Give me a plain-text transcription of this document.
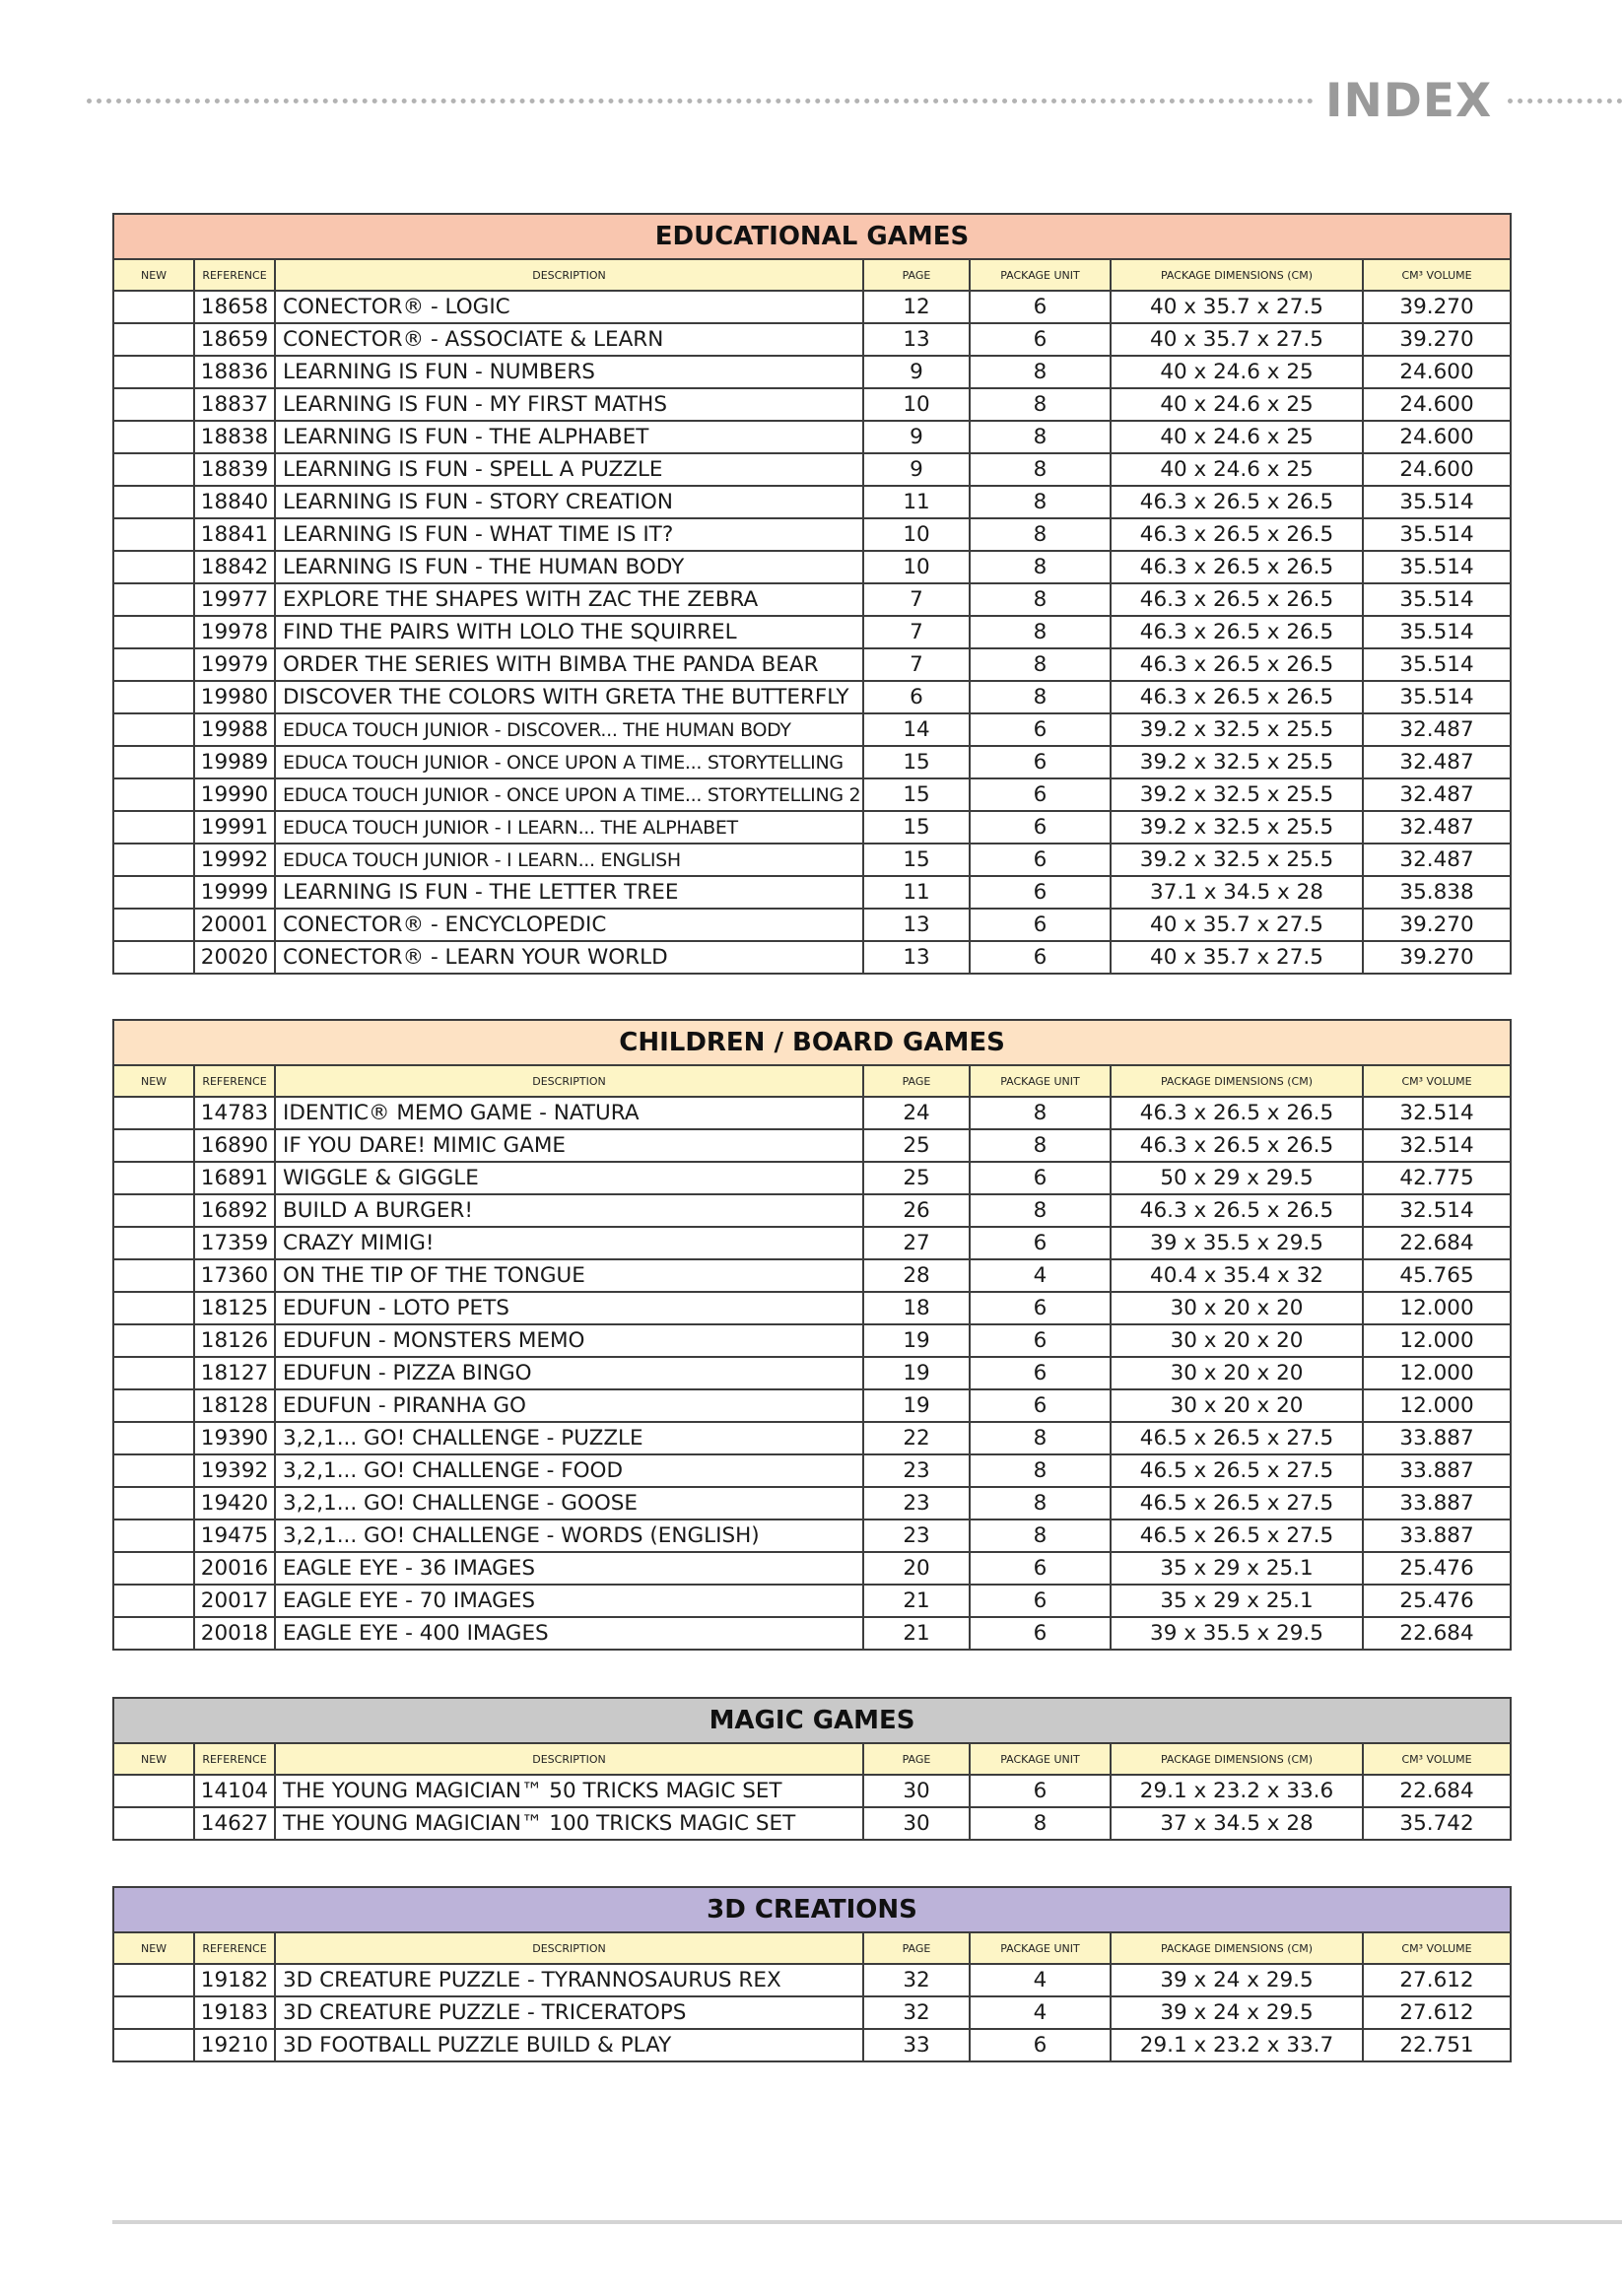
INDEX
EDUCATIONAL GAMES						
NEW	REFERENCE	DESCRIPTION	PAGE	PACKAGE UNIT	PACKAGE DIMENSIONS (CM)	CM³ VOLUME
	18658	CONECTOR® - LOGIC	12	6	40 x 35.7 x 27.5	39.270
	18659	CONECTOR® - ASSOCIATE & LEARN	13	6	40 x 35.7 x 27.5	39.270
	18836	LEARNING IS FUN - NUMBERS	9	8	40 x 24.6 x 25	24.600
	18837	LEARNING IS FUN - MY FIRST MATHS	10	8	40 x 24.6 x 25	24.600
	18838	LEARNING IS FUN - THE ALPHABET	9	8	40 x 24.6 x 25	24.600
	18839	LEARNING IS FUN - SPELL A PUZZLE	9	8	40 x 24.6 x 25	24.600
	18840	LEARNING IS FUN - STORY CREATION	11	8	46.3 x 26.5 x 26.5	35.514
	18841	LEARNING IS FUN - WHAT TIME IS IT?	10	8	46.3 x 26.5 x 26.5	35.514
	18842	LEARNING IS FUN - THE HUMAN BODY	10	8	46.3 x 26.5 x 26.5	35.514
	19977	EXPLORE THE SHAPES WITH ZAC THE ZEBRA	7	8	46.3 x 26.5 x 26.5	35.514
	19978	FIND THE PAIRS WITH LOLO THE SQUIRREL	7	8	46.3 x 26.5 x 26.5	35.514
	19979	ORDER THE SERIES WITH BIMBA THE PANDA BEAR	7	8	46.3 x 26.5 x 26.5	35.514
	19980	DISCOVER THE COLORS WITH GRETA THE BUTTERFLY	6	8	46.3 x 26.5 x 26.5	35.514
	19988	EDUCA TOUCH JUNIOR - DISCOVER... THE HUMAN BODY	14	6	39.2 x 32.5 x 25.5	32.487
	19989	EDUCA TOUCH JUNIOR - ONCE UPON A TIME... STORYTELLING	15	6	39.2 x 32.5 x 25.5	32.487
	19990	EDUCA TOUCH JUNIOR - ONCE UPON A TIME... STORYTELLING 2	15	6	39.2 x 32.5 x 25.5	32.487
	19991	EDUCA TOUCH JUNIOR - I LEARN... THE ALPHABET	15	6	39.2 x 32.5 x 25.5	32.487
	19992	EDUCA TOUCH JUNIOR - I LEARN... ENGLISH	15	6	39.2 x 32.5 x 25.5	32.487
	19999	LEARNING IS FUN - THE LETTER TREE	11	6	37.1 x 34.5 x 28	35.838
	20001	CONECTOR® - ENCYCLOPEDIC	13	6	40 x 35.7 x 27.5	39.270
	20020	CONECTOR® - LEARN YOUR WORLD	13	6	40 x 35.7 x 27.5	39.270
CHILDREN / BOARD GAMES						
NEW	REFERENCE	DESCRIPTION	PAGE	PACKAGE UNIT	PACKAGE DIMENSIONS (CM)	CM³ VOLUME
	14783	IDENTIC® MEMO GAME - NATURA	24	8	46.3 x 26.5 x 26.5	32.514
	16890	IF YOU DARE! MIMIC GAME	25	8	46.3 x 26.5 x 26.5	32.514
	16891	WIGGLE & GIGGLE	25	6	50 x 29 x 29.5	42.775
	16892	BUILD A BURGER!	26	8	46.3 x 26.5 x 26.5	32.514
	17359	CRAZY MIMIG!	27	6	39 x 35.5 x 29.5	22.684
	17360	ON THE TIP OF THE TONGUE	28	4	40.4 x 35.4 x 32	45.765
	18125	EDUFUN - LOTO PETS	18	6	30 x 20 x 20	12.000
	18126	EDUFUN - MONSTERS MEMO	19	6	30 x 20 x 20	12.000
	18127	EDUFUN - PIZZA BINGO	19	6	30 x 20 x 20	12.000
	18128	EDUFUN - PIRANHA GO	19	6	30 x 20 x 20	12.000
	19390	3,2,1... GO! CHALLENGE - PUZZLE	22	8	46.5 x 26.5 x 27.5	33.887
	19392	3,2,1... GO! CHALLENGE - FOOD	23	8	46.5 x 26.5 x 27.5	33.887
	19420	3,2,1... GO! CHALLENGE - GOOSE	23	8	46.5 x 26.5 x 27.5	33.887
	19475	3,2,1... GO! CHALLENGE - WORDS (ENGLISH)	23	8	46.5 x 26.5 x 27.5	33.887
	20016	EAGLE EYE - 36 IMAGES	20	6	35 x 29 x 25.1	25.476
	20017	EAGLE EYE - 70 IMAGES	21	6	35 x 29 x 25.1	25.476
	20018	EAGLE EYE - 400 IMAGES	21	6	39 x 35.5 x 29.5	22.684
MAGIC GAMES						
NEW	REFERENCE	DESCRIPTION	PAGE	PACKAGE UNIT	PACKAGE DIMENSIONS (CM)	CM³ VOLUME
	14104	THE YOUNG MAGICIAN™ 50 TRICKS MAGIC SET	30	6	29.1 x 23.2 x 33.6	22.684
	14627	THE YOUNG MAGICIAN™ 100 TRICKS MAGIC SET	30	8	37 x 34.5 x 28	35.742
3D CREATIONS						
NEW	REFERENCE	DESCRIPTION	PAGE	PACKAGE UNIT	PACKAGE DIMENSIONS (CM)	CM³ VOLUME
	19182	3D CREATURE PUZZLE - TYRANNOSAURUS REX	32	4	39 x 24 x 29.5	27.612
	19183	3D CREATURE PUZZLE - TRICERATOPS	32	4	39 x 24 x 29.5	27.612
	19210	3D FOOTBALL PUZZLE BUILD & PLAY	33	6	29.1 x 23.2 x 33.7	22.751
